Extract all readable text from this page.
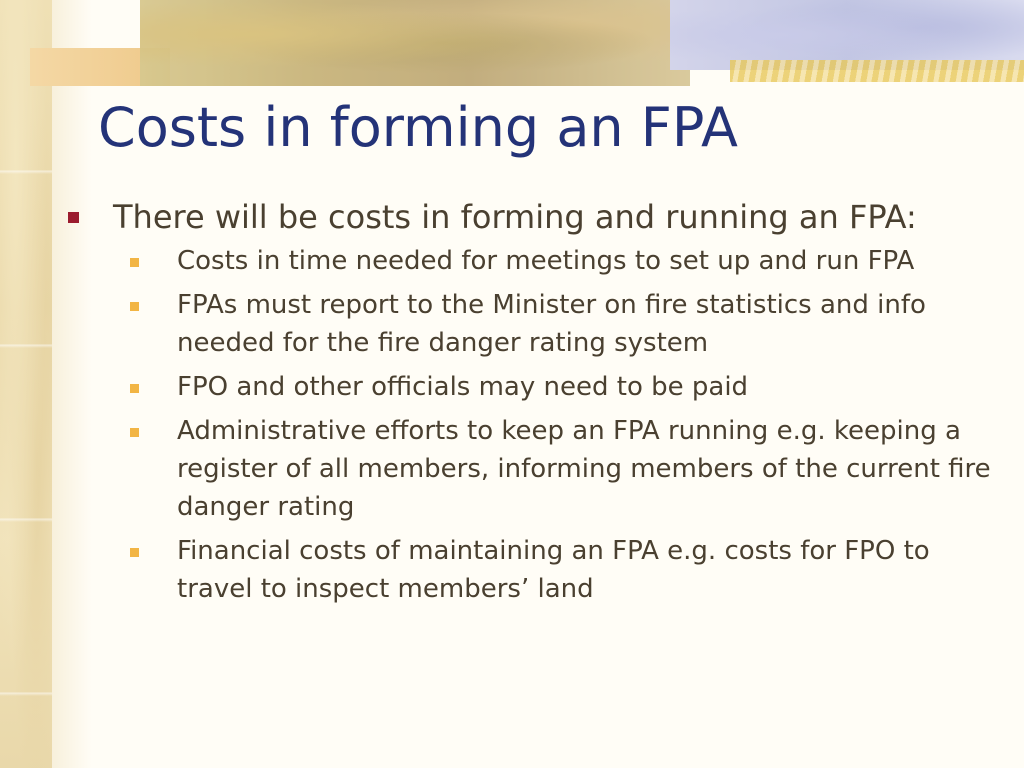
Costs in forming an FPA
There will be costs in forming and running an FPA:
Costs in time needed for meetings to set up and run FPA
FPAs must report to the Minister on fire statistics and info needed for the fire danger rating system
FPO and other officials may need to be paid
Administrative efforts to keep an FPA running e.g. keeping a register of all members, informing members of the current fire danger rating
Financial costs of maintaining an FPA e.g. costs for FPO to travel to inspect members’ land
